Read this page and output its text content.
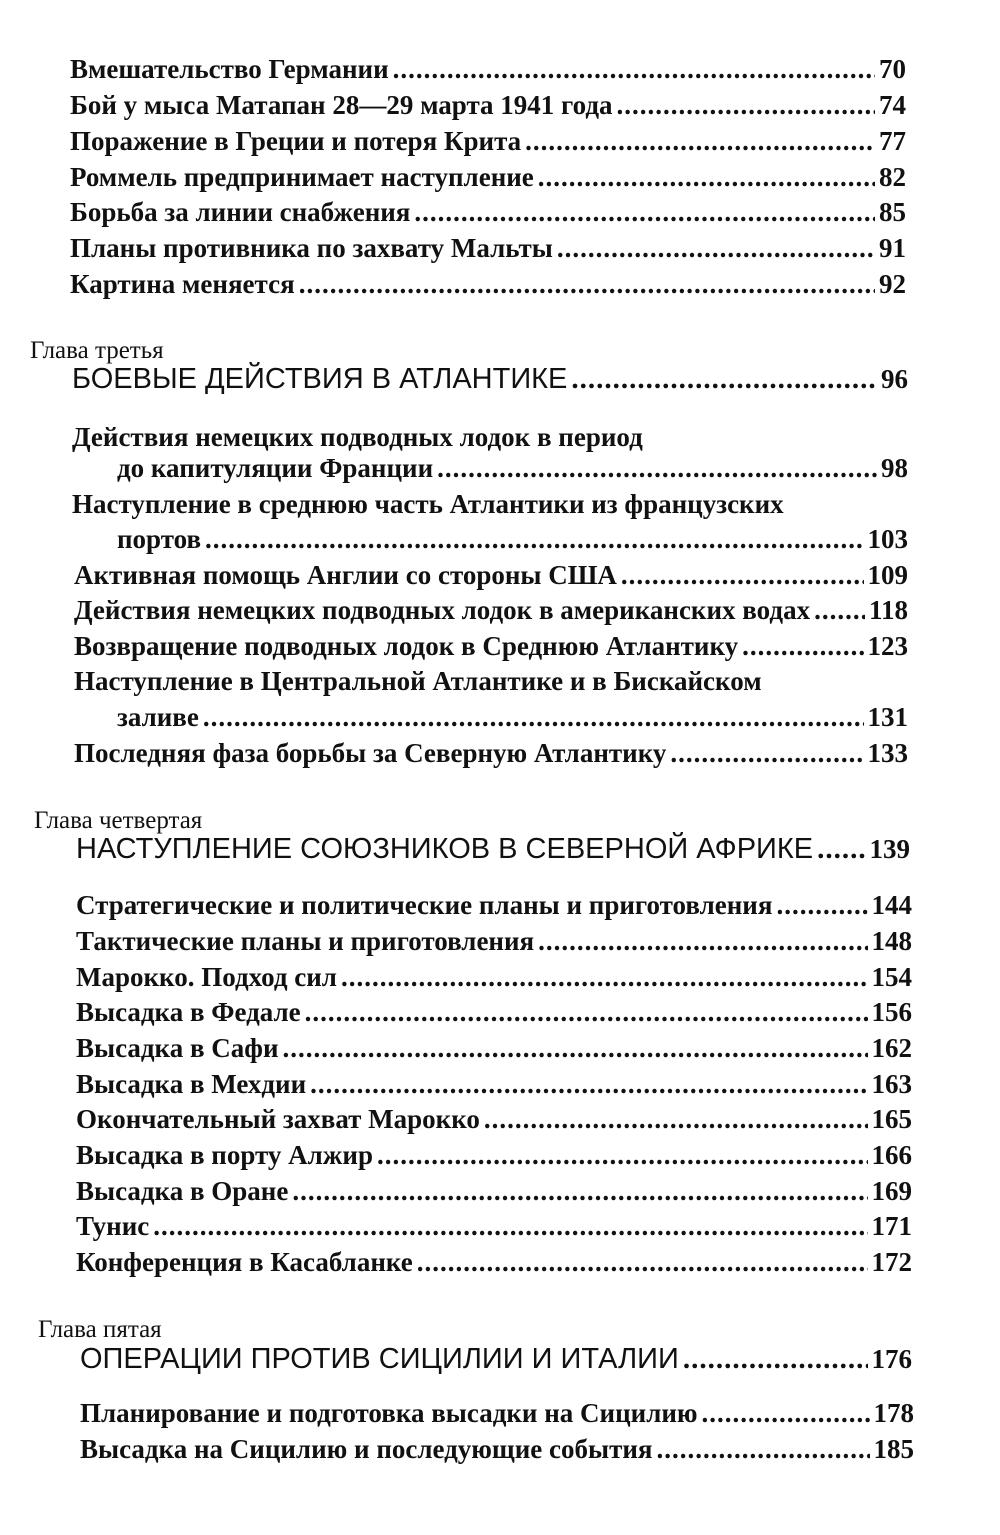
Вмешательство Германии .....	70
Бой у мыса Матапан 28—29 марта 1941 года .....	74
Поражение в Греции и потеря Крита .....	77
Роммель предпринимает наступление .....	82
Борьба за линии снабжения .....	85
Планы противника по захвату Мальты .....	91
Картина меняется .....	92
Глава третья
БОЕВЫЕ ДЕЙСТВИЯ В АТЛАНТИКЕ .....	96
Действия немецких подводных лодок в период
до капитуляции Франции .....	98
Наступление в среднюю часть Атлантики из французских
портов .....	103
Активная помощь Англии со стороны США .....	109
Действия немецких подводных лодок в американских водах ..... 118
Возвращение подводных лодок в Среднюю Атлантику .....	123
Наступление в Центральной Атлантике и в Бискайском
заливе .....	131
Последняя фаза борьбы за Северную Атлантику .....	133
Глава четвертая
НАСТУПЛЕНИЕ СОЮЗНИКОВ В СЕВЕРНОЙ АФРИКЕ ..... 139
Стратегические и политические планы и приготовления .....	144
Тактические планы и приготовления .....	148
Марокко. Подход сил .....	154
Высадка в Федале .....	156
Высадка в Сафи .....	162
Высадка в Мехдии .....	163
Окончательный захват Марокко .....	165
Высадка в порту Алжир .....	166
Высадка в Оране .....	169
Тунис .....	171
Конференция в Касабланке .....	172
Глава пятая
ОПЕРАЦИИ ПРОТИВ СИЦИЛИИ И ИТАЛИИ .....	176
Планирование и подготовка высадки на Сицилию .....	178
Высадка на Сицилию и последующие события .....	185
